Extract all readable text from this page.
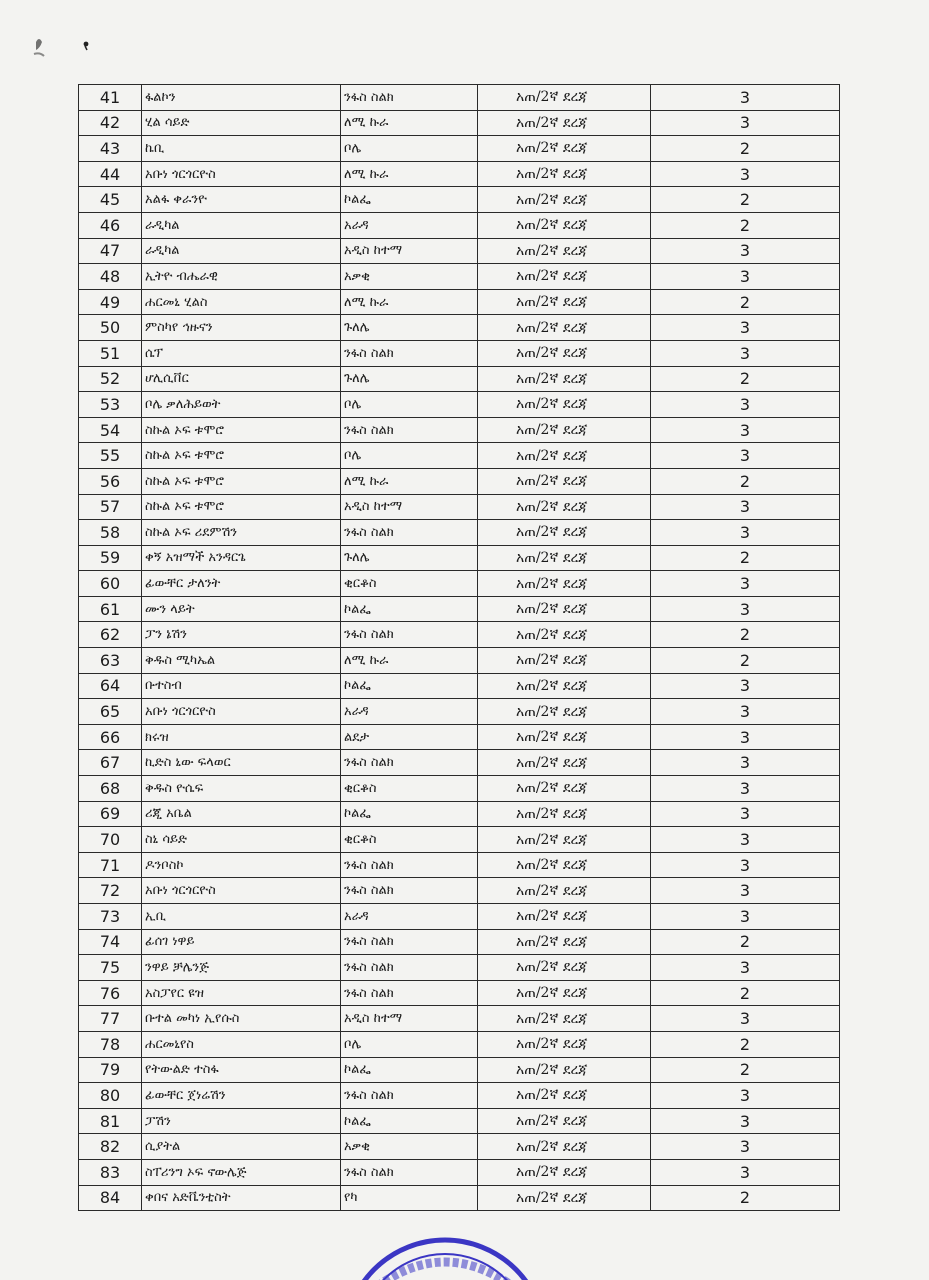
41	ፋልኮን	ንፋስ ስልክ	አጠ/2ኛ ደረጃ	3
42	ሂል ሳይድ	ለሚ ኩራ	አጠ/2ኛ ደረጃ	3
43	ኬቢ	ቦሌ	አጠ/2ኛ ደረጃ	2
44	አቡነ ጎርጎርዮስ	ለሚ ኩራ	አጠ/2ኛ ደረጃ	3
45	አልፋ ቀራንዮ	ኮልፌ	አጠ/2ኛ ደረጃ	2
46	ራዲካል	አራዳ	አጠ/2ኛ ደረጃ	2
47	ራዲካል	አዲስ ከተማ	አጠ/2ኛ ደረጃ	3
48	ኢትዮ ብሔራዊ	አቃቂ	አጠ/2ኛ ደረጃ	3
49	ሐርመኒ ሂልስ	ለሚ ኩራ	አጠ/2ኛ ደረጃ	2
50	ምስካየ ኅዙናን	ጉለሌ	አጠ/2ኛ ደረጃ	3
51	ሴፕ	ንፋስ ስልክ	አጠ/2ኛ ደረጃ	3
52	ሆሊሲቨር	ጉለሌ	አጠ/2ኛ ደረጃ	2
53	ቦሌ ቃለሕይወት	ቦሌ	አጠ/2ኛ ደረጃ	3
54	ስኩል ኦፍ ቱሞሮ	ንፋስ ስልክ	አጠ/2ኛ ደረጃ	3
55	ስኩል ኦፍ ቱሞሮ	ቦሌ	አጠ/2ኛ ደረጃ	3
56	ስኩል ኦፍ ቱሞሮ	ለሚ ኩራ	አጠ/2ኛ ደረጃ	2
57	ስኩል ኦፍ ቱሞሮ	አዲስ ከተማ	አጠ/2ኛ ደረጃ	3
58	ስኩል ኦፍ ሪደምሽን	ንፋስ ስልክ	አጠ/2ኛ ደረጃ	3
59	ቀኝ አዝማች አንዳርጌ	ጉለሌ	አጠ/2ኛ ደረጃ	2
60	ፊውቸር ታለንት	ቂርቆስ	አጠ/2ኛ ደረጃ	3
61	ሙን ላይት	ኮልፌ	አጠ/2ኛ ደረጃ	3
62	ፓን ኔሽን	ንፋስ ስልክ	አጠ/2ኛ ደረጃ	2
63	ቅዱስ ሚካኤል	ለሚ ኩራ	አጠ/2ኛ ደረጃ	2
64	ቡተስብ	ኮልፌ	አጠ/2ኛ ደረጃ	3
65	አቡነ ጎርጎርዮስ	አራዳ	አጠ/2ኛ ደረጃ	3
66	ክሩዝ	ልደታ	አጠ/2ኛ ደረጃ	3
67	ኪድስ ኒው ፍላወር	ንፋስ ስልክ	አጠ/2ኛ ደረጃ	3
68	ቅዱስ ዮሴፍ	ቂርቆስ	አጠ/2ኛ ደረጃ	3
69	ሪጂ አቤል	ኮልፌ	አጠ/2ኛ ደረጃ	3
70	ስኒ ሳይድ	ቂርቆስ	አጠ/2ኛ ደረጃ	3
71	ዶንቦስኮ	ንፋስ ስልክ	አጠ/2ኛ ደረጃ	3
72	አቡነ ጎርጎርዮስ	ንፋስ ስልክ	አጠ/2ኛ ደረጃ	3
73	ኢቢ	አራዳ	አጠ/2ኛ ደረጃ	3
74	ፊሰገ ነዋይ	ንፋስ ስልክ	አጠ/2ኛ ደረጃ	2
75	ንዋይ ቻሌንጅ	ንፋስ ስልክ	አጠ/2ኛ ደረጃ	3
76	አስፓየር ዩዝ	ንፋስ ስልክ	አጠ/2ኛ ደረጃ	2
77	ቡተል መካነ ኢየሱስ	አዲስ ከተማ	አጠ/2ኛ ደረጃ	3
78	ሐርመኒየስ	ቦሌ	አጠ/2ኛ ደረጃ	2
79	የትውልድ ተስፋ	ኮልፌ	አጠ/2ኛ ደረጃ	2
80	ፊውቸር ጀነሬሽን	ንፋስ ስልክ	አጠ/2ኛ ደረጃ	3
81	ፓሽን	ኮልፌ	አጠ/2ኛ ደረጃ	3
82	ሲያትል	አቃቂ	አጠ/2ኛ ደረጃ	3
83	ስፐሪንግ ኦፍ ኖውሌጅ	ንፋስ ስልክ	አጠ/2ኛ ደረጃ	3
84	ቀበና አድቬንቲስት	የካ	አጠ/2ኛ ደረጃ	2
